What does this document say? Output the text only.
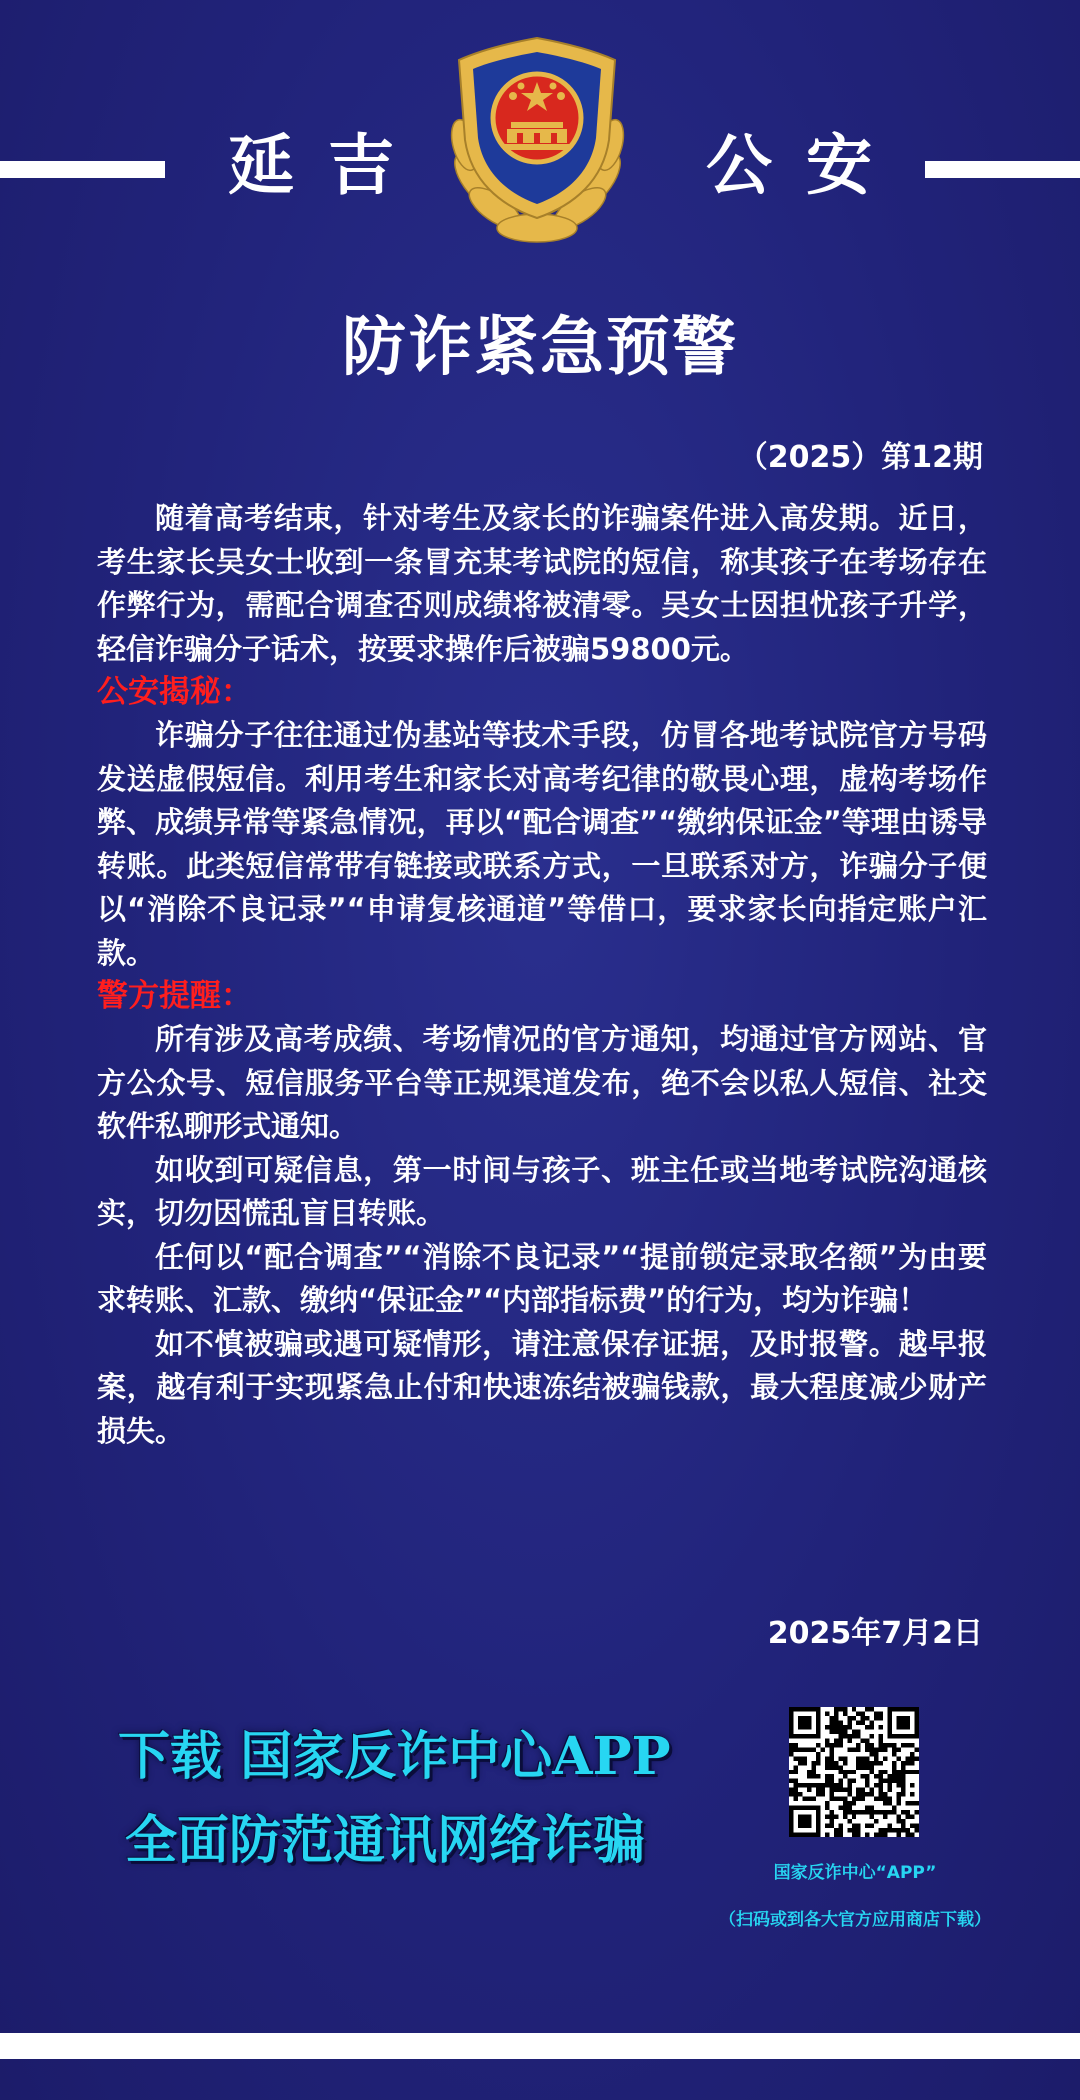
延吉	公安
防诈紧急预警
（2025）第12期

随着高考结束，针对考生及家长的诈骗案件进入高发期。近日，考生家长吴女士收到一条冒充某考试院的短信，称其孩子在考场存在作弊行为，需配合调查否则成绩将被清零。吴女士因担忧孩子升学，轻信诈骗分子话术，按要求操作后被骗59800元。

公安揭秘：

诈骗分子往往通过伪基站等技术手段，仿冒各地考试院官方号码发送虚假短信。利用考生和家长对高考纪律的敬畏心理，虚构考场作弊、成绩异常等紧急情况，再以“配合调查”“缴纳保证金”等理由诱导转账。此类短信常带有链接或联系方式，一旦联系对方，诈骗分子便以“消除不良记录”“申请复核通道”等借口，要求家长向指定账户汇款。

警方提醒：

所有涉及高考成绩、考场情况的官方通知，均通过官方网站、官方公众号、短信服务平台等正规渠道发布，绝不会以私人短信、社交软件私聊形式通知。

如收到可疑信息，第一时间与孩子、班主任或当地考试院沟通核实，切勿因慌乱盲目转账。

任何以“配合调查”“消除不良记录”“提前锁定录取名额”为由要求转账、汇款、缴纳“保证金”“内部指标费”的行为，均为诈骗！

如不慎被骗或遇可疑情形，请注意保存证据，及时报警。越早报案，越有利于实现紧急止付和快速冻结被骗钱款，最大程度减少财产损失。

2025年7月2日
下载 国家反诈中心APP
全面防范通讯网络诈骗
国家反诈中心“APP”
（扫码或到各大官方应用商店下载）
